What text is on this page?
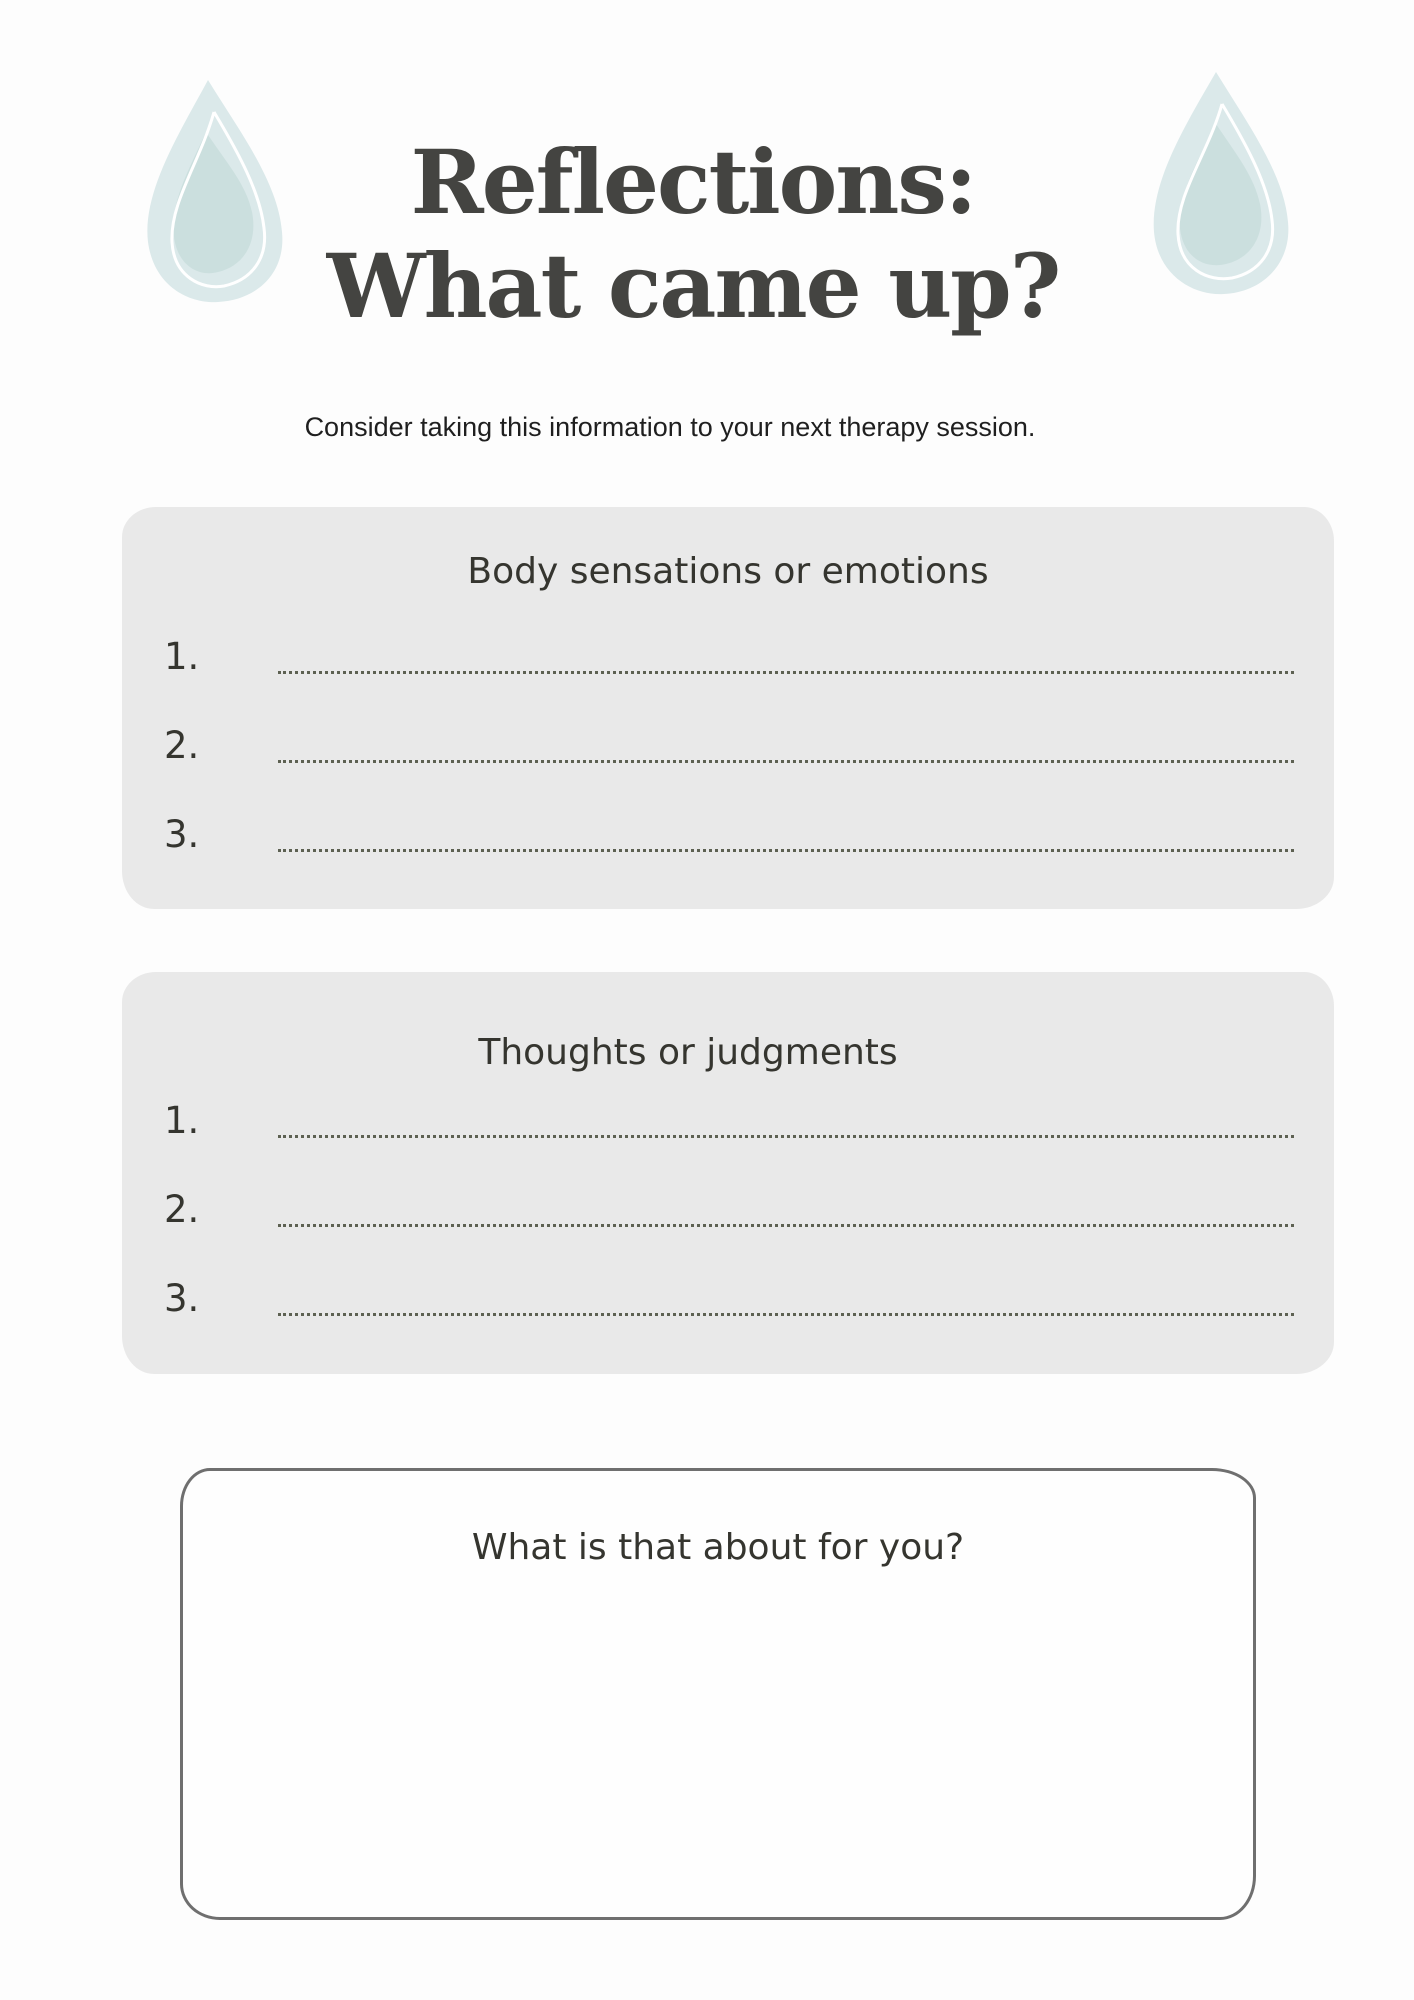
Reflections:
What came up?
Consider taking this information to your next therapy session.
Body sensations or emotions
1.
2.
3.
Thoughts or judgments
1.
2.
3.
What is that about for you?
